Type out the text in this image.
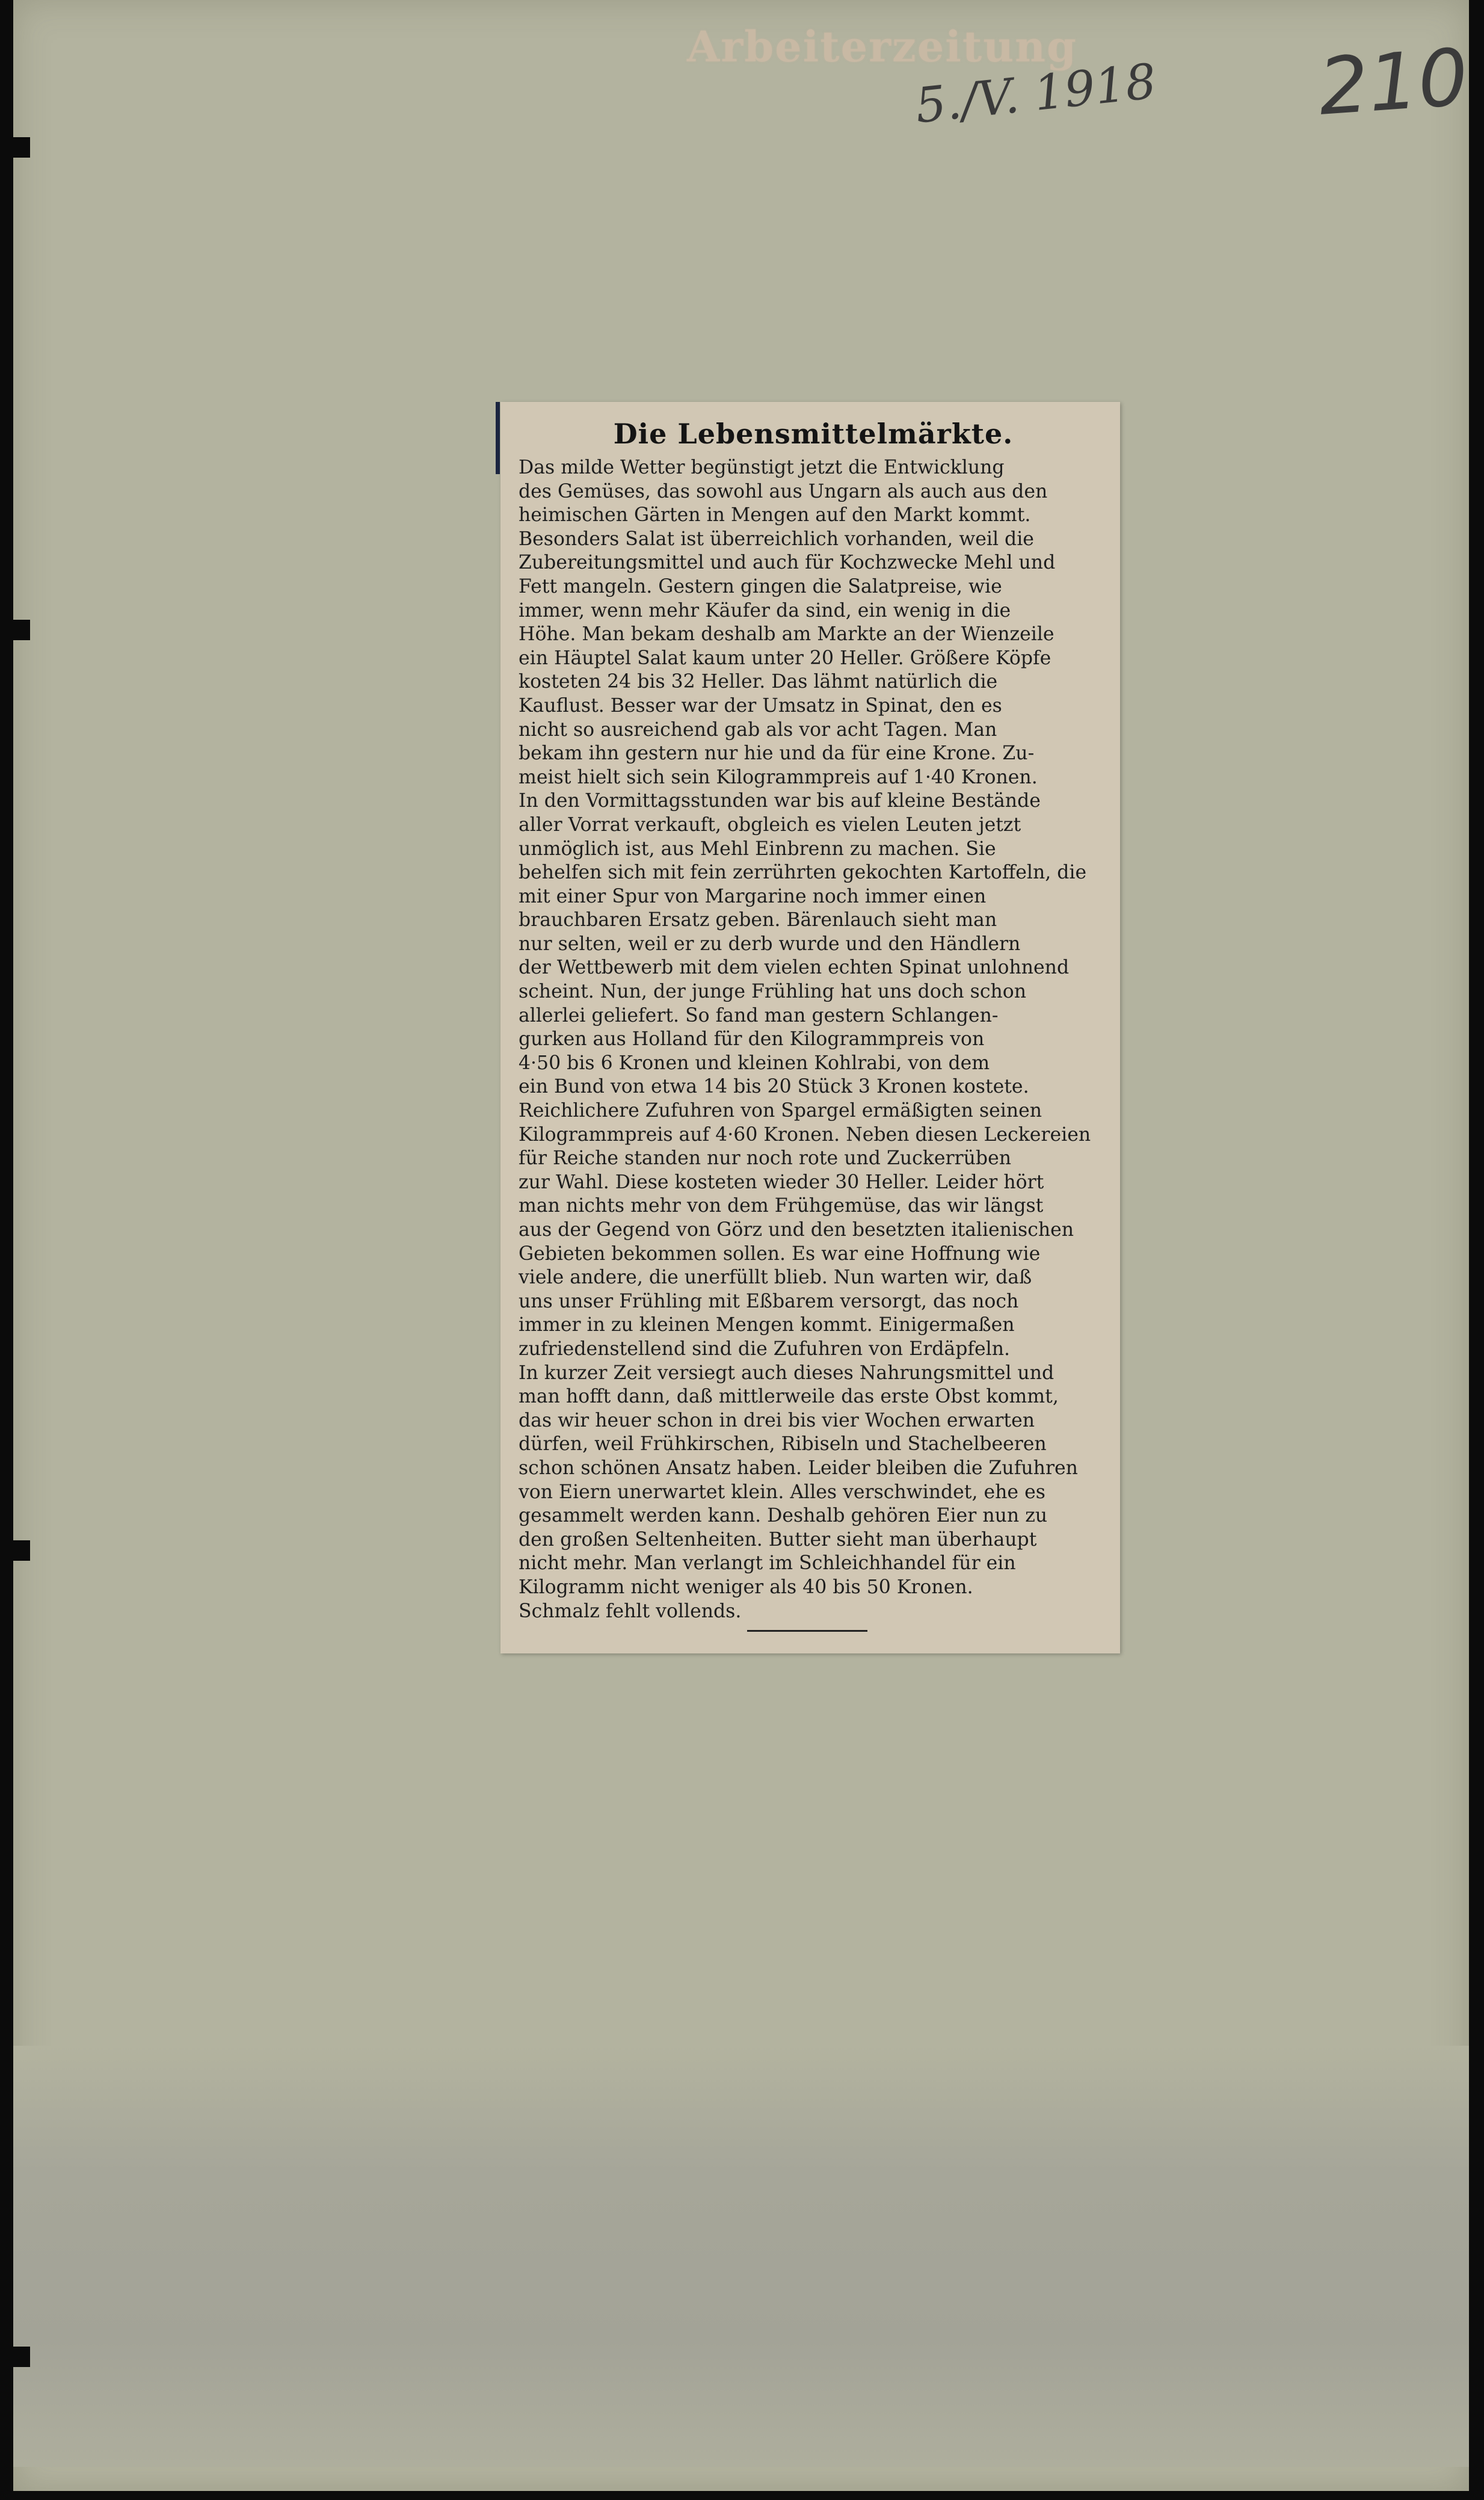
Arbeiterzeitung
5./V. 1918 210
Die Lebensmittelmärkte.
Das milde Wetter begünstigt jetzt die Entwicklung
des Gemüses, das sowohl aus Ungarn als auch aus den
heimischen Gärten in Mengen auf den Markt kommt.
Besonders Salat ist überreichlich vorhanden, weil die
Zubereitungsmittel und auch für Kochzwecke Mehl und
Fett mangeln. Gestern gingen die Salatpreise, wie
immer, wenn mehr Käufer da sind, ein wenig in die
Höhe. Man bekam deshalb am Markte an der Wienzeile
ein Häuptel Salat kaum unter 20 Heller. Größere Köpfe
kosteten 24 bis 32 Heller. Das lähmt natürlich die
Kauflust. Besser war der Umsatz in Spinat, den es
nicht so ausreichend gab als vor acht Tagen. Man
bekam ihn gestern nur hie und da für eine Krone. Zu-
meist hielt sich sein Kilogrammpreis auf 1·40 Kronen.
In den Vormittagsstunden war bis auf kleine Bestände
aller Vorrat verkauft, obgleich es vielen Leuten jetzt
unmöglich ist, aus Mehl Einbrenn zu machen. Sie
behelfen sich mit fein zerrührten gekochten Kartoffeln, die
mit einer Spur von Margarine noch immer einen
brauchbaren Ersatz geben. Bärenlauch sieht man
nur selten, weil er zu derb wurde und den Händlern
der Wettbewerb mit dem vielen echten Spinat unlohnend
scheint. Nun, der junge Frühling hat uns doch schon
allerlei geliefert. So fand man gestern Schlangen-
gurken aus Holland für den Kilogrammpreis von
4·50 bis 6 Kronen und kleinen Kohlrabi, von dem
ein Bund von etwa 14 bis 20 Stück 3 Kronen kostete.
Reichlichere Zufuhren von Spargel ermäßigten seinen
Kilogrammpreis auf 4·60 Kronen. Neben diesen Leckereien
für Reiche standen nur noch rote und Zuckerrüben
zur Wahl. Diese kosteten wieder 30 Heller. Leider hört
man nichts mehr von dem Frühgemüse, das wir längst
aus der Gegend von Görz und den besetzten italienischen
Gebieten bekommen sollen. Es war eine Hoffnung wie
viele andere, die unerfüllt blieb. Nun warten wir, daß
uns unser Frühling mit Eßbarem versorgt, das noch
immer in zu kleinen Mengen kommt. Einigermaßen
zufriedenstellend sind die Zufuhren von Erdäpfeln.
In kurzer Zeit versiegt auch dieses Nahrungsmittel und
man hofft dann, daß mittlerweile das erste Obst kommt,
das wir heuer schon in drei bis vier Wochen erwarten
dürfen, weil Frühkirschen, Ribiseln und Stachelbeeren
schon schönen Ansatz haben. Leider bleiben die Zufuhren
von Eiern unerwartet klein. Alles verschwindet, ehe es
gesammelt werden kann. Deshalb gehören Eier nun zu
den großen Seltenheiten. Butter sieht man überhaupt
nicht mehr. Man verlangt im Schleichhandel für ein
Kilogramm nicht weniger als 40 bis 50 Kronen.
Schmalz fehlt vollends.
